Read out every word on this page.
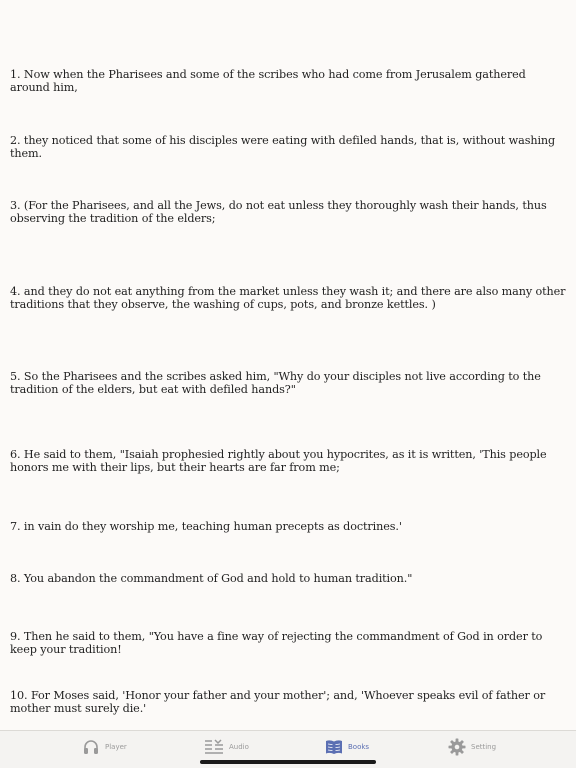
1. Now when the Pharisees and some of the scribes who had come from Jerusalem gathered around him,

2. they noticed that some of his disciples were eating with defiled hands, that is, without washing them.

3. (For the Pharisees, and all the Jews, do not eat unless they thoroughly wash their hands, thus observing the tradition of the elders;

4. and they do not eat anything from the market unless they wash it; and there are also many other traditions that they observe, the washing of cups, pots, and bronze kettles. )

5. So the Pharisees and the scribes asked him, "Why do your disciples not live according to the tradition of the elders, but eat with defiled hands?"

6. He said to them, "Isaiah prophesied rightly about you hypocrites, as it is written, 'This people honors me with their lips, but their hearts are far from me;

7. in vain do they worship me, teaching human precepts as doctrines.'

8. You abandon the commandment of God and hold to human tradition."

9. Then he said to them, "You have a fine way of rejecting the commandment of God in order to keep your tradition!

10. For Moses said, 'Honor your father and your mother'; and, 'Whoever speaks evil of father or mother must surely die.'

Player	Audio	Books	Setting
